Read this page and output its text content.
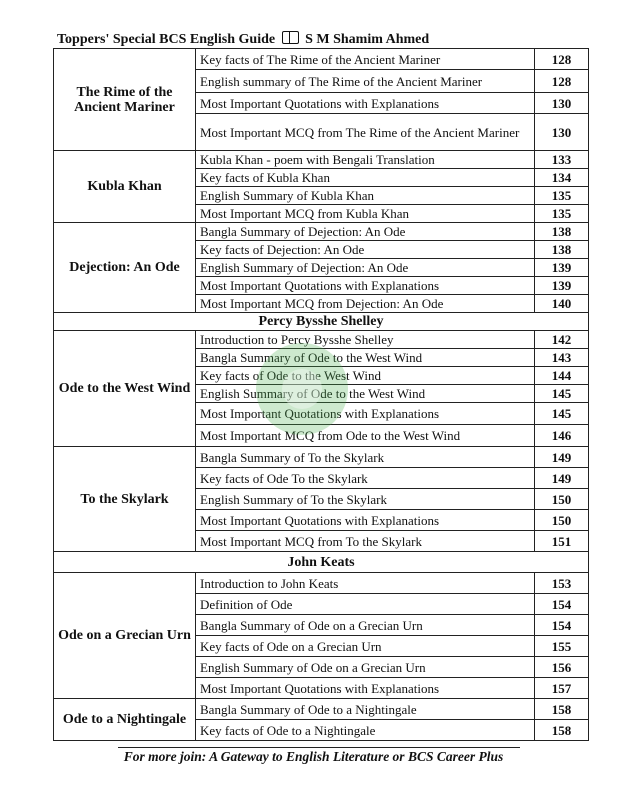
Toppers' Special BCS English Guide S M Shamim Ahmed
The Rime of the Ancient Mariner	Key facts of The Rime of the Ancient Mariner	128
	English summary of The Rime of the Ancient Mariner	128
	Most Important Quotations with Explanations	130
	Most Important MCQ from The Rime of the Ancient Mariner	130
Kubla Khan	Kubla Khan - poem with Bengali Translation	133
	Key facts of Kubla Khan	134
	English Summary of Kubla Khan	135
	Most Important MCQ from Kubla Khan	135
Dejection: An Ode	Bangla Summary of Dejection: An Ode	138
	Key facts of Dejection: An Ode	138
	English Summary of Dejection: An Ode	139
	Most Important Quotations with Explanations	139
	Most Important MCQ from Dejection: An Ode	140
Percy Bysshe Shelley		
Ode to the West Wind	Introduction to Percy Bysshe Shelley	142
	Bangla Summary of Ode to the West Wind	143
	Key facts of Ode to the West Wind	144
	English Summary of Ode to the West Wind	145
	Most Important Quotations with Explanations	145
	Most Important MCQ from Ode to the West Wind	146
To the Skylark	Bangla Summary of To the Skylark	149
	Key facts of Ode To the Skylark	149
	English Summary of To the Skylark	150
	Most Important Quotations with Explanations	150
	Most Important MCQ from To the Skylark	151
John Keats		
Ode on a Grecian Urn	Introduction to John Keats	153
	Definition of Ode	154
	Bangla Summary of Ode on a Grecian Urn	154
	Key facts of Ode on a Grecian Urn	155
	English Summary of Ode on a Grecian Urn	156
	Most Important Quotations with Explanations	157
Ode to a Nightingale	Bangla Summary of Ode to a Nightingale	158
	Key facts of Ode to a Nightingale	158
For more join: A Gateway to English Literature or BCS Career Plus
